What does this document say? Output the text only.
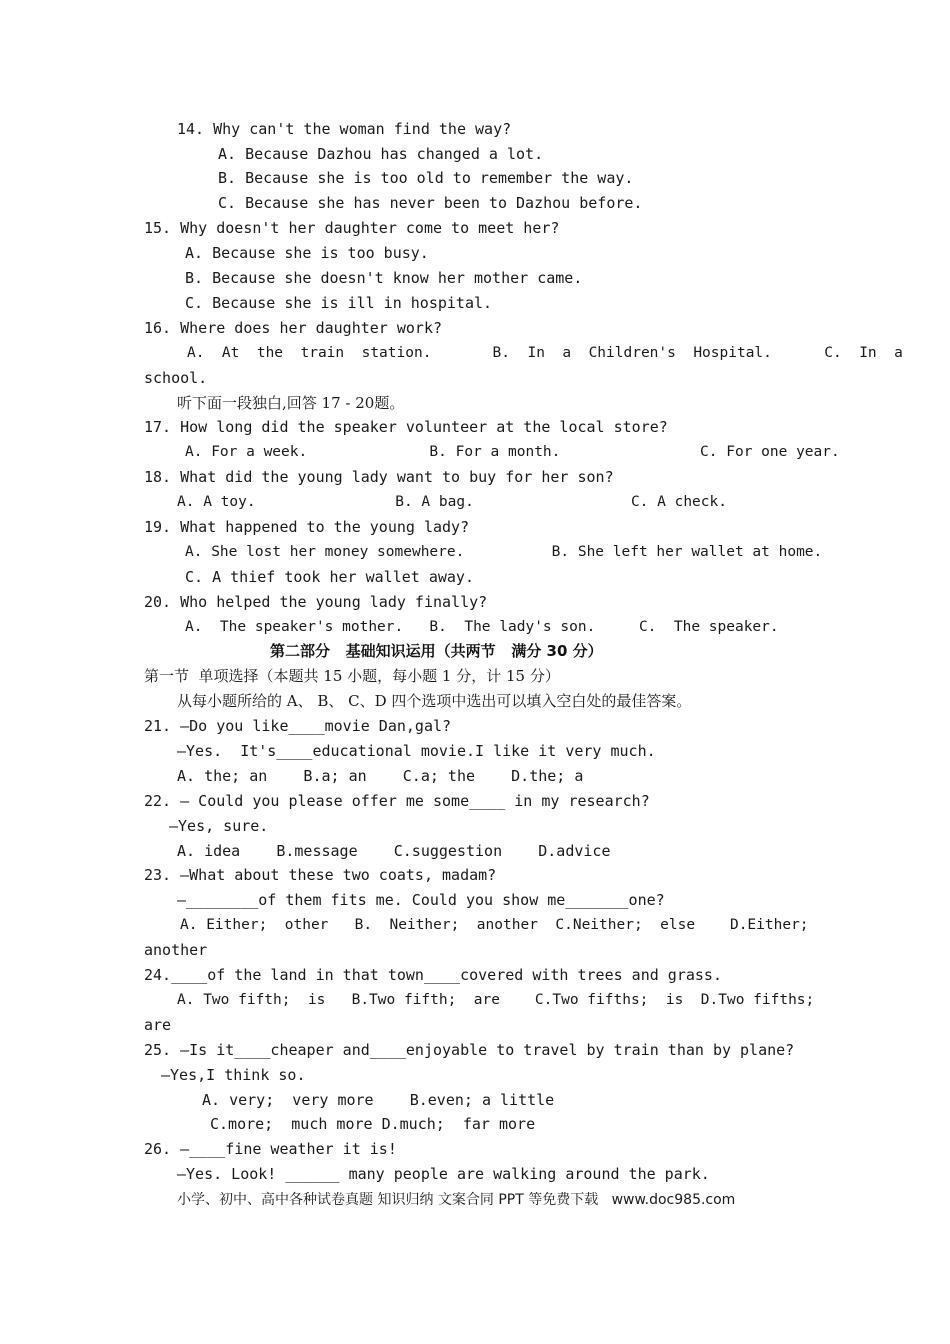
14. Why can't the woman find the way?
A. Because Dazhou has changed a lot.
B. Because she is too old to remember the way.
C. Because she has never been to Dazhou before.
15. Why doesn't her daughter come to meet her?
A. Because she is too busy.
B. Because she doesn't know her mother came.
C. Because she is ill in hospital.
16. Where does her daughter work?
A.  At  the  train  station.       B.  In  a  Children's  Hospital.      C.  In  a
school.
听下面一段独白,回答 17 - 20题。
17. How long did the speaker volunteer at the local store?
A. For a week.              B. For a month.                C. For one year.
18. What did the young lady want to buy for her son?
A. A toy.                B. A bag.                  C. A check.
19. What happened to the young lady?
A. She lost her money somewhere.          B. She left her wallet at home.
C. A thief took her wallet away.
20. Who helped the young lady finally?
A.  The speaker's mother.   B.  The lady's son.     C.  The speaker.
第二部分   基础知识运用（共两节   满分 30 分）
第一节  单项选择（本题共 15 小题，每小题 1 分，计 15 分）
从每小题所给的 A、 B、 C、D 四个选项中选出可以填入空白处的最佳答案。
21. —Do you like____movie Dan,gal?
—Yes.  It's____educational movie.I like it very much.
A. the; an    B.a; an    C.a; the    D.the; a
22. — Could you please offer me some____ in my research?
—Yes, sure.
A. idea    B.message    C.suggestion    D.advice
23. —What about these two coats, madam?
—________of them fits me. Could you show me_______one?
A. Either;  other   B.  Neither;  another  C.Neither;  else    D.Either;
another
24.____of the land in that town____covered with trees and grass.
A. Two fifth;  is   B.Two fifth;  are    C.Two fifths;  is  D.Two fifths;
are
25. —Is it____cheaper and____enjoyable to travel by train than by plane?
—Yes,I think so.
A. very;  very more    B.even; a little
C.more;  much more D.much;  far more
26. —____fine weather it is!
—Yes. Look! ______ many people are walking around the park.
小学、初中、高中各种试卷真题 知识归纳 文案合同 PPT 等免费下载   www.doc985.com
